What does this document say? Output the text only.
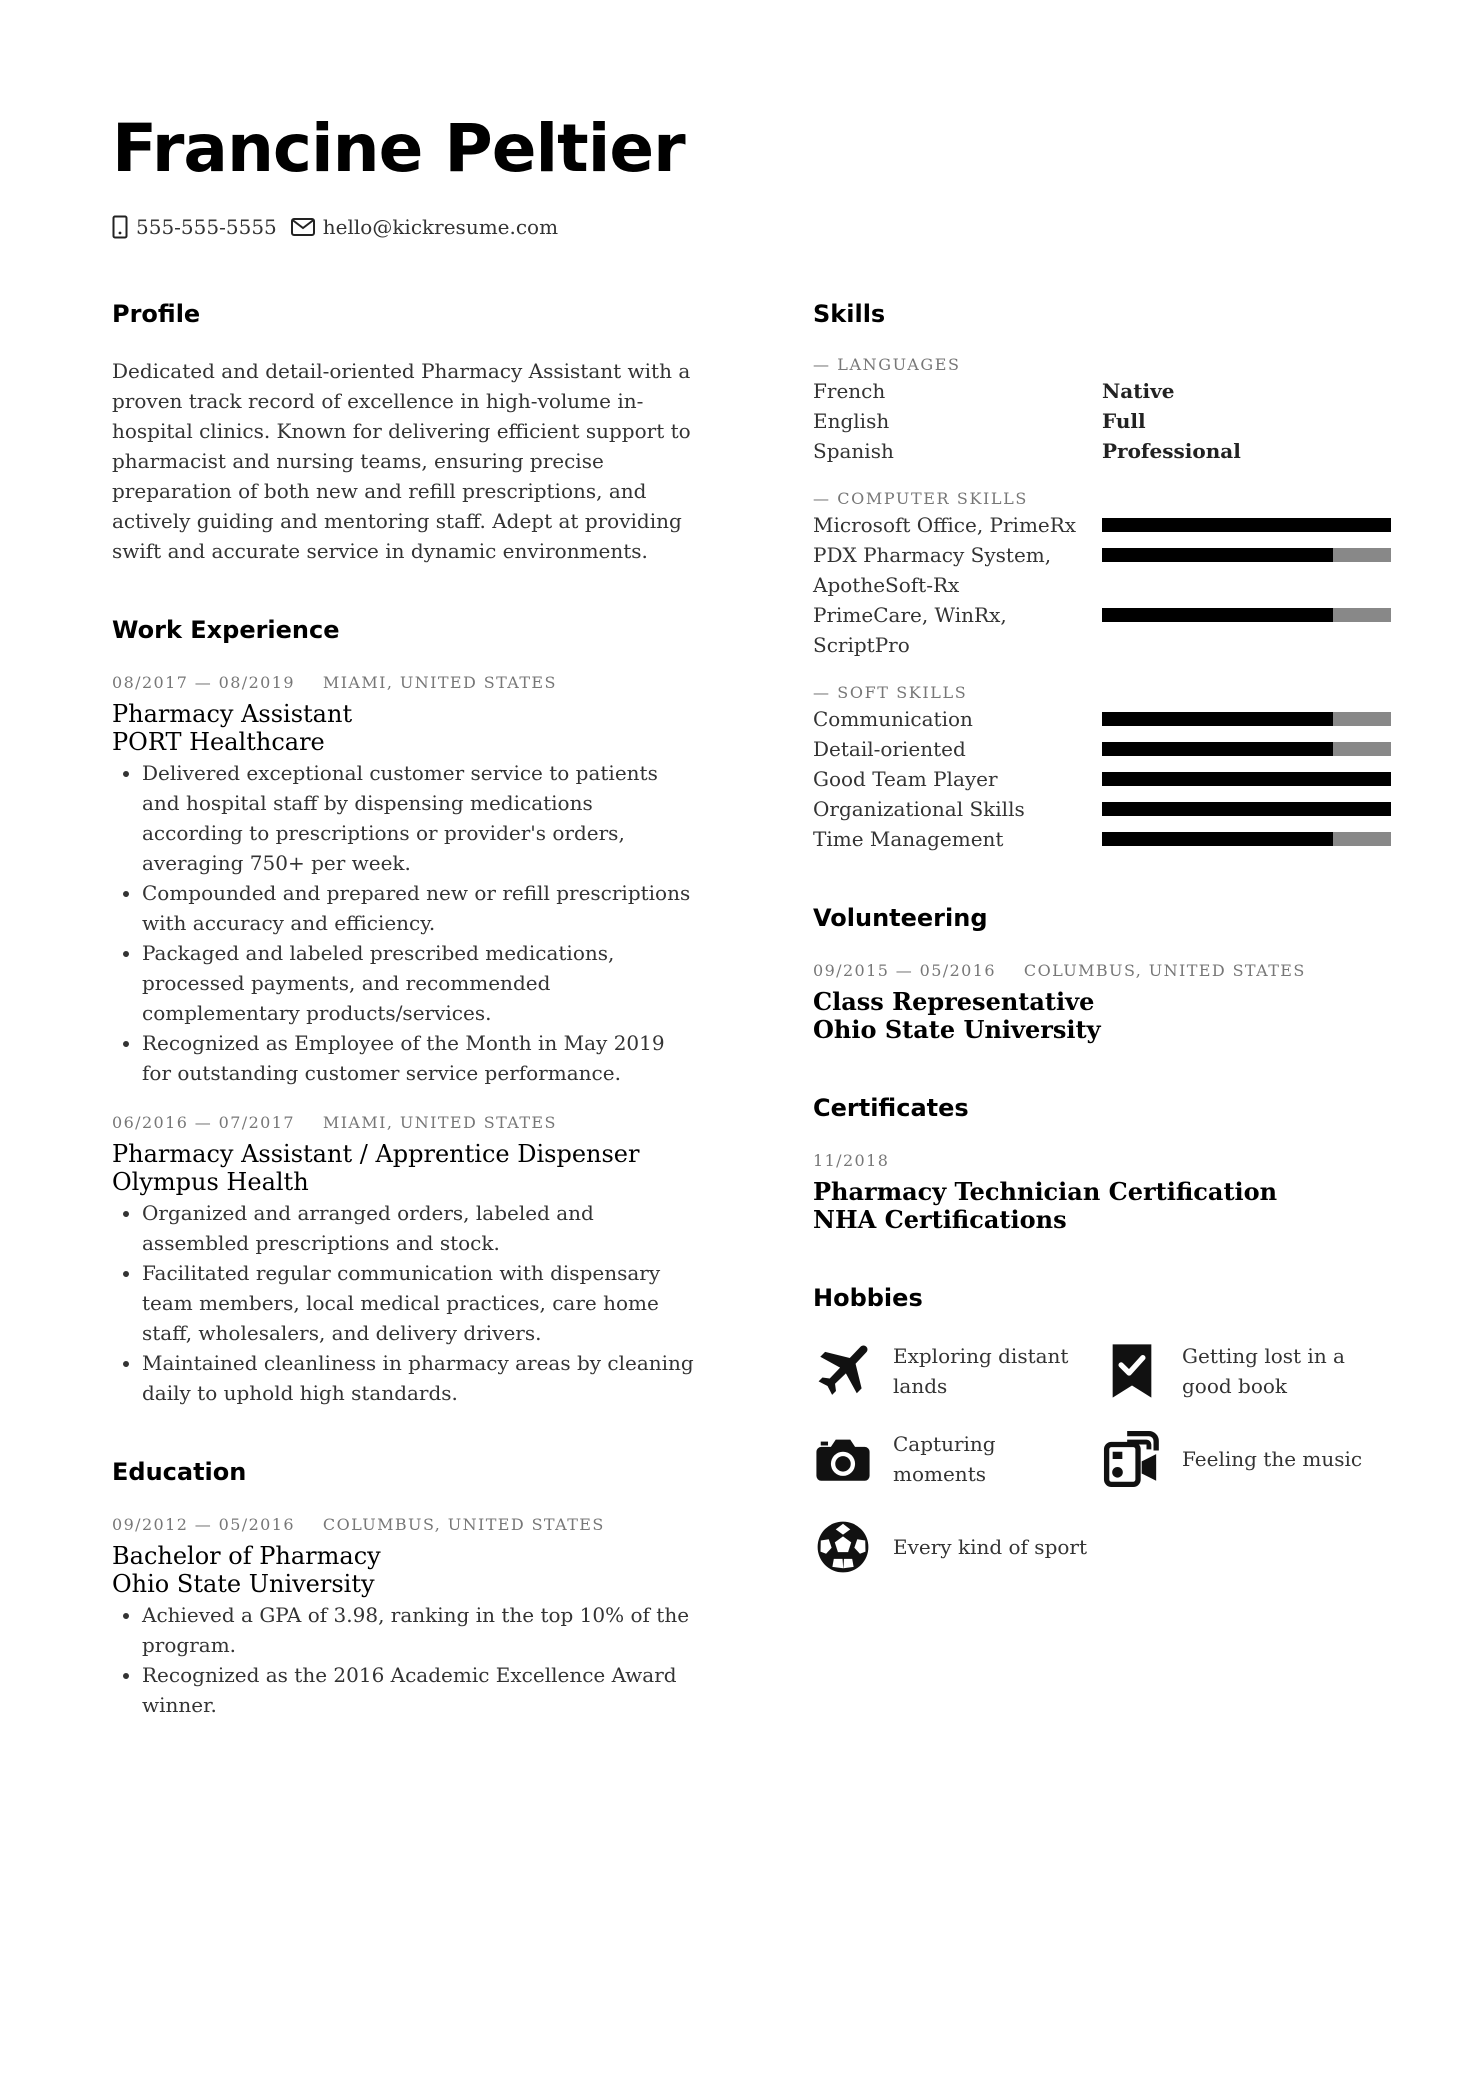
Francine Peltier
555-555-5555 hello@kickresume.com
Profile

Dedicated and detail-oriented Pharmacy Assistant with a proven track record of excellence in high-volume in-hospital clinics. Known for delivering efficient support to pharmacist and nursing teams, ensuring precise preparation of both new and refill prescriptions, and actively guiding and mentoring staff. Adept at providing swift and accurate service in dynamic environments.

Work Experience
08/2017 — 08/2019 MIAMI, UNITED STATES
Pharmacy Assistant
PORT Healthcare
• Delivered exceptional customer service to patients and hospital staff by dispensing medications according to prescriptions or provider's orders, averaging 750+ per week.
• Compounded and prepared new or refill prescriptions with accuracy and efficiency.
• Packaged and labeled prescribed medications, processed payments, and recommended complementary products/services.
• Recognized as Employee of the Month in May 2019 for outstanding customer service performance.
06/2016 — 07/2017 MIAMI, UNITED STATES
Pharmacy Assistant / Apprentice Dispenser
Olympus Health
• Organized and arranged orders, labeled and assembled prescriptions and stock.
• Facilitated regular communication with dispensary team members, local medical practices, care home staff, wholesalers, and delivery drivers.
• Maintained cleanliness in pharmacy areas by cleaning daily to uphold high standards.
Education
09/2012 — 05/2016 COLUMBUS, UNITED STATES
Bachelor of Pharmacy
Ohio State University
• Achieved a GPA of 3.98, ranking in the top 10% of the program.
• Recognized as the 2016 Academic Excellence Award winner.
Skills
— LANGUAGES
French	Native
English	Full
Spanish	Professional
— COMPUTER SKILLS
Microsoft Office, PrimeRx
PDX Pharmacy System, ApotheSoft-Rx
PrimeCare, WinRx, ScriptPro
— SOFT SKILLS
Communication
Detail-oriented
Good Team Player
Organizational Skills
Time Management
Volunteering
09/2015 — 05/2016 COLUMBUS, UNITED STATES
Class Representative
Ohio State University
Certificates
11/2018
Pharmacy Technician Certification
NHA Certifications
Hobbies
Exploring distant lands
Getting lost in a good book
Capturing moments
Feeling the music
Every kind of sport
